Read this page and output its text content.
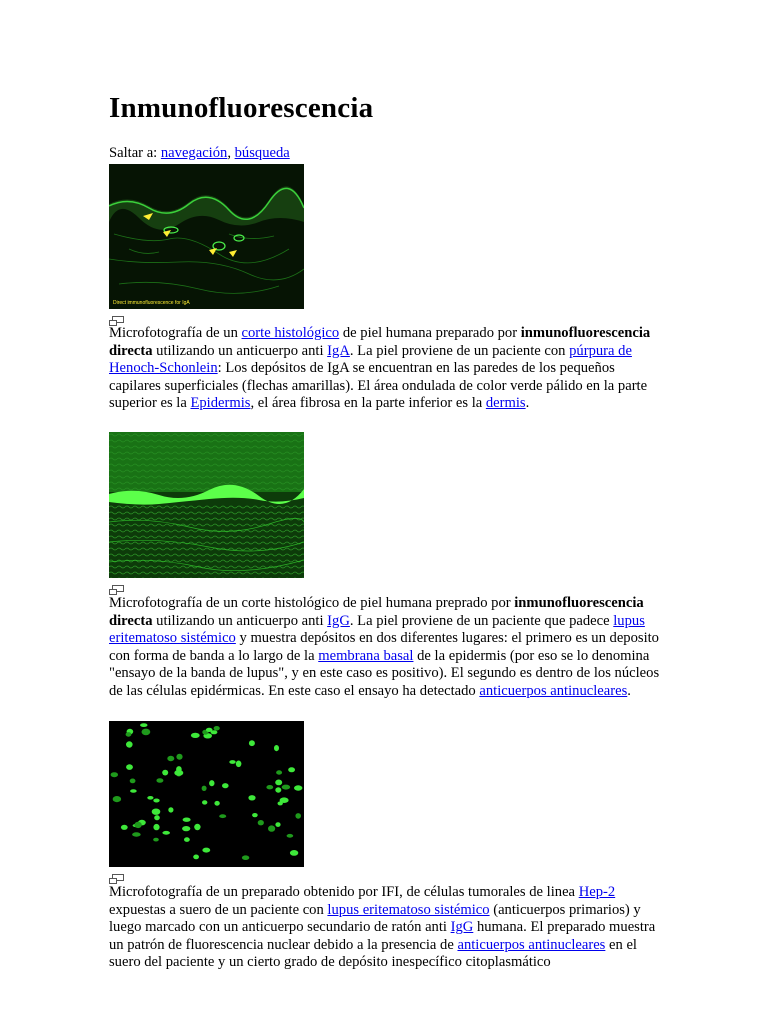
Inmunofluorescencia
Saltar a: navegación, búsqueda
Direct immunofluorescence for IgA

Microfotografía de un corte histológico de piel humana preparado por inmunofluorescencia directa utilizando un anticuerpo anti IgA. La piel proviene de un paciente con púrpura de Henoch-Schonlein: Los depósitos de IgA se encuentran en las paredes de los pequeños capilares superficiales (flechas amarillas). El área ondulada de color verde pálido en la parte superior es la Epidermis, el área fibrosa en la parte inferior es la dermis.

Microfotografía de un corte histológico de piel humana preprado por inmunofluorescencia directa utilizando un anticuerpo anti IgG. La piel proviene de un paciente que padece lupus eritematoso sistémico y muestra depósitos en dos diferentes lugares: el primero es un deposito con forma de banda a lo largo de la membrana basal de la epidermis (por eso se lo denomina "ensayo de la banda de lupus", y en este caso es positivo). El segundo es dentro de los núcleos de las células epidérmicas. En este caso el ensayo ha detectado anticuerpos antinucleares.

Microfotografía de un preparado obtenido por IFI, de células tumorales de linea Hep-2 expuestas a suero de un paciente con lupus eritematoso sistémico (anticuerpos primarios) y luego marcado con un anticuerpo secundario de ratón anti IgG humana. El preparado muestra un patrón de fluorescencia nuclear debido a la presencia de anticuerpos antinucleares en el suero del paciente y un cierto grado de depósito inespecífico citoplasmático
